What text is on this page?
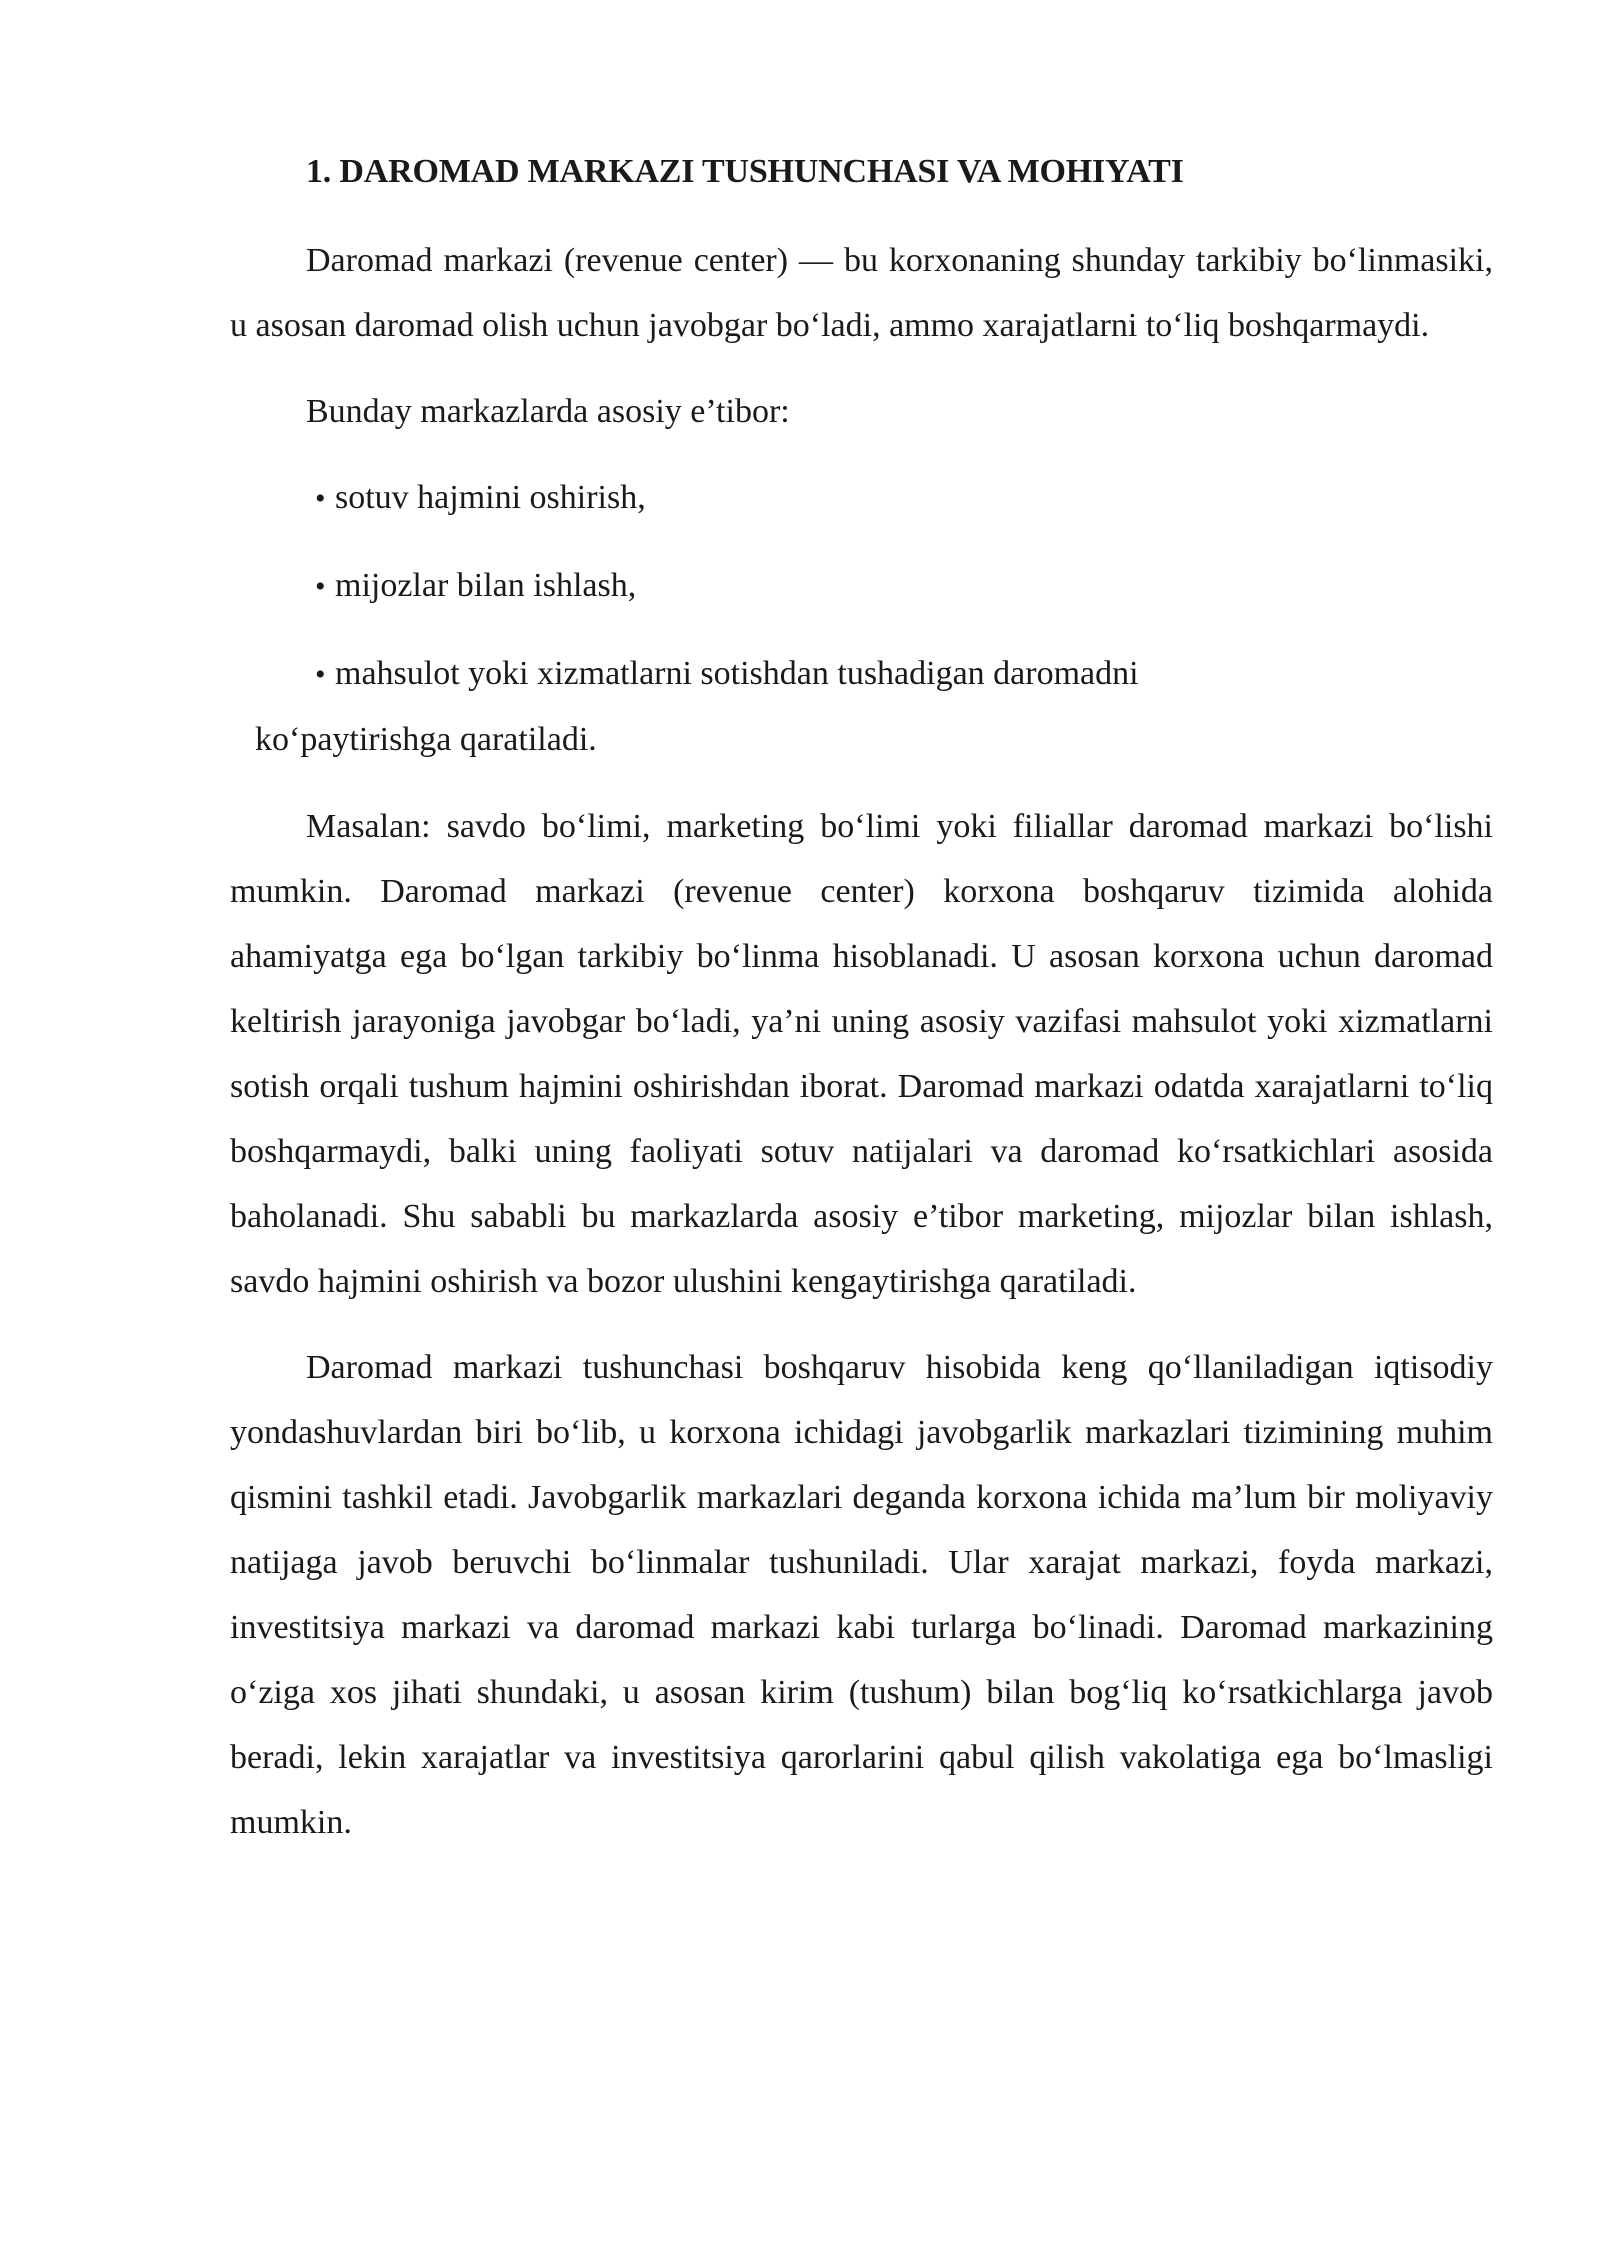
1. DAROMAD MARKAZI TUSHUNCHASI VA MOHIYATI

Daromad markazi (revenue center) — bu korxonaning shunday tarkibiy bo‘linmasiki, u asosan daromad olish uchun javobgar bo‘ladi, ammo xarajatlarni to‘liq boshqarmaydi.

Bunday markazlarda asosiy e’tibor:

• sotuv hajmini oshirish,
• mijozlar bilan ishlash,
• mahsulot yoki xizmatlarni sotishdan tushadigan daromadni
ko‘paytirishga qaratiladi.

Masalan: savdo bo‘limi, marketing bo‘limi yoki filiallar daromad markazi bo‘lishi mumkin. Daromad markazi (revenue center) korxona boshqaruv tizimida alohida ahamiyatga ega bo‘lgan tarkibiy bo‘linma hisoblanadi. U asosan korxona uchun daromad keltirish jarayoniga javobgar bo‘ladi, ya’ni uning asosiy vazifasi mahsulot yoki xizmatlarni sotish orqali tushum hajmini oshirishdan iborat. Daromad markazi odatda xarajatlarni to‘liq boshqarmaydi, balki uning faoliyati sotuv natijalari va daromad ko‘rsatkichlari asosida baholanadi. Shu sababli bu markazlarda asosiy e’tibor marketing, mijozlar bilan ishlash, savdo hajmini oshirish va bozor ulushini kengaytirishga qaratiladi.

Daromad markazi tushunchasi boshqaruv hisobida keng qo‘llaniladigan iqtisodiy yondashuvlardan biri bo‘lib, u korxona ichidagi javobgarlik markazlari tizimining muhim qismini tashkil etadi. Javobgarlik markazlari deganda korxona ichida ma’lum bir moliyaviy natijaga javob beruvchi bo‘linmalar tushuniladi. Ular xarajat markazi, foyda markazi, investitsiya markazi va daromad markazi kabi turlarga bo‘linadi. Daromad markazining o‘ziga xos jihati shundaki, u asosan kirim (tushum) bilan bog‘liq ko‘rsatkichlarga javob beradi, lekin xarajatlar va investitsiya qarorlarini qabul qilish vakolatiga ega bo‘lmasligi mumkin.
